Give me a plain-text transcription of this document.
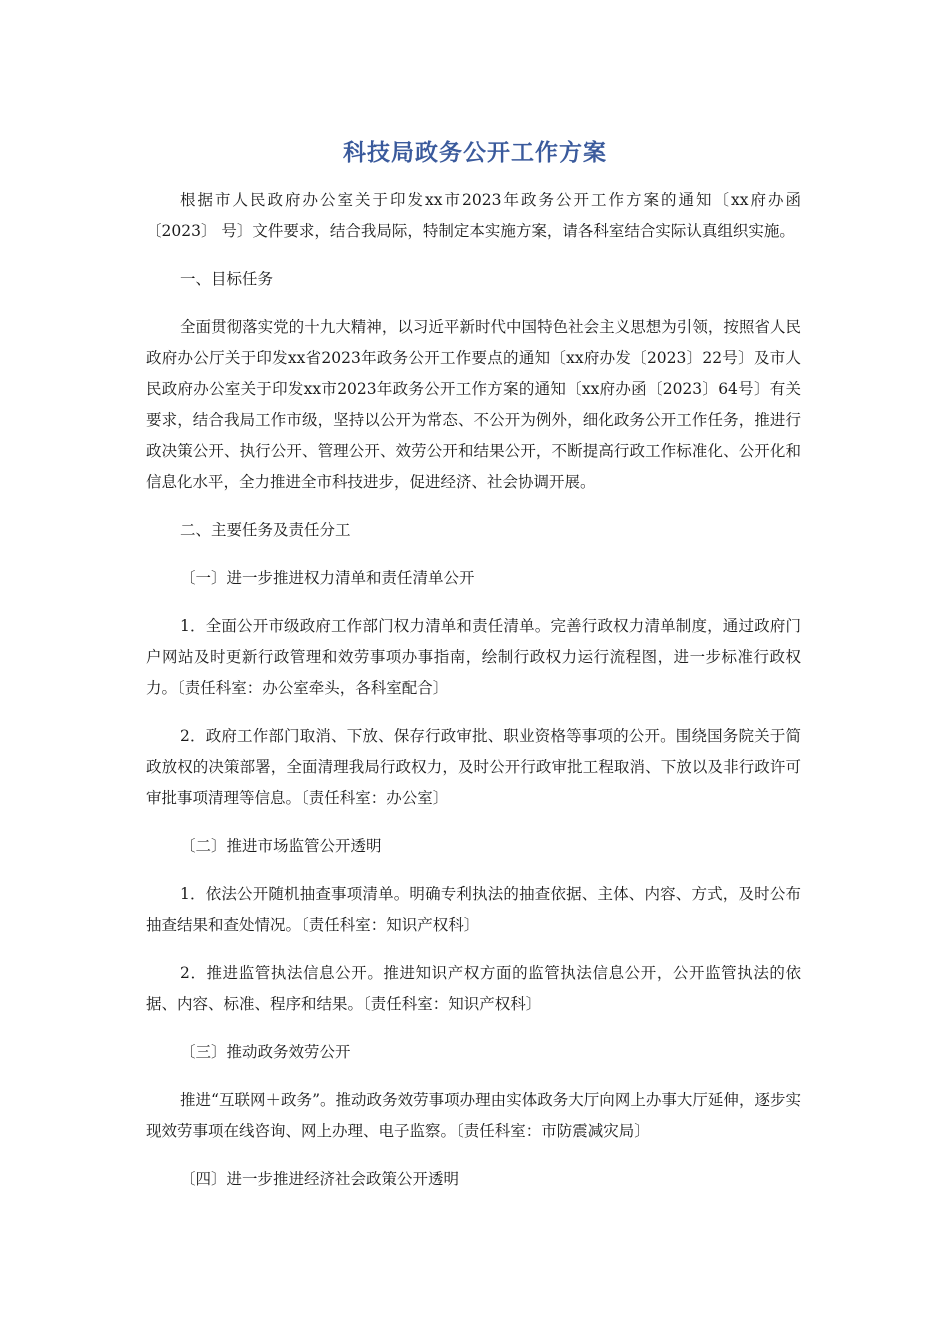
科技局政务公开工作方案

根据市人民政府办公室关于印发xx市2023年政务公开工作方案的通知〔xx府办函〔2023〕 号〕文件要求，结合我局际，特制定本实施方案，请各科室结合实际认真组织实施。

一、目标任务

全面贯彻落实党的十九大精神，以习近平新时代中国特色社会主义思想为引领，按照省人民政府办公厅关于印发xx省2023年政务公开工作要点的通知〔xx府办发〔2023〕22号〕及市人民政府办公室关于印发xx市2023年政务公开工作方案的通知〔xx府办函〔2023〕64号〕有关要求，结合我局工作市级，坚持以公开为常态、不公开为例外，细化政务公开工作任务，推进行政决策公开、执行公开、管理公开、效劳公开和结果公开，不断提高行政工作标准化、公开化和信息化水平，全力推进全市科技进步，促进经济、社会协调开展。

二、主要任务及责任分工

〔一〕进一步推进权力清单和责任清单公开

1．全面公开市级政府工作部门权力清单和责任清单。完善行政权力清单制度，通过政府门户网站及时更新行政管理和效劳事项办事指南，绘制行政权力运行流程图，进一步标准行政权力。〔责任科室：办公室牵头，各科室配合〕

2．政府工作部门取消、下放、保存行政审批、职业资格等事项的公开。围绕国务院关于简政放权的决策部署，全面清理我局行政权力，及时公开行政审批工程取消、下放以及非行政许可审批事项清理等信息。〔责任科室：办公室〕

〔二〕推进市场监管公开透明

1．依法公开随机抽查事项清单。明确专利执法的抽查依据、主体、内容、方式，及时公布抽查结果和查处情况。〔责任科室：知识产权科〕

2．推进监管执法信息公开。推进知识产权方面的监管执法信息公开，公开监管执法的依据、内容、标准、程序和结果。〔责任科室：知识产权科〕

〔三〕推动政务效劳公开

推进“互联网＋政务”。推动政务效劳事项办理由实体政务大厅向网上办事大厅延伸，逐步实现效劳事项在线咨询、网上办理、电子监察。〔责任科室：市防震减灾局〕

〔四〕进一步推进经济社会政策公开透明
